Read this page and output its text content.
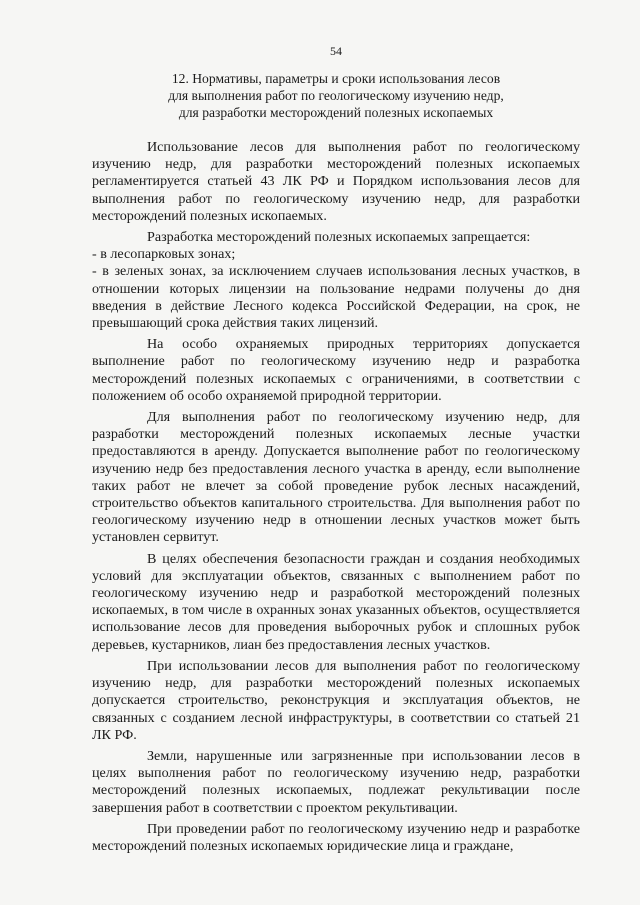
54
12. Нормативы, параметры и сроки использования лесов
для выполнения работ по геологическому изучению недр,
для разработки месторождений полезных ископаемых

Использование лесов для выполнения работ по геологическому изучению недр, для разработки месторождений полезных ископаемых регламентируется статьей 43 ЛК РФ и Порядком использования лесов для выполнения работ по геологическому изучению недр, для разработки месторождений полезных ископаемых.

Разработка месторождений полезных ископаемых запрещается:

- в лесопарковых зонах;

- в зеленых зонах, за исключением случаев использования лесных участков, в отношении которых лицензии на пользование недрами получены до дня введения в действие Лесного кодекса Российской Федерации, на срок, не превышающий срока действия таких лицензий.

На особо охраняемых природных территориях допускается выполнение работ по геологическому изучению недр и разработка месторождений полезных ископаемых с ограничениями, в соответствии с положением об особо охраняемой природной территории.

Для выполнения работ по геологическому изучению недр, для разработки месторождений полезных ископаемых лесные участки предоставляются в аренду. Допускается выполнение работ по геологическому изучению недр без предоставления лесного участка в аренду, если выполнение таких работ не влечет за собой проведение рубок лесных насаждений, строительство объектов капитального строительства. Для выполнения работ по геологическому изучению недр в отношении лесных участков может быть установлен сервитут.

В целях обеспечения безопасности граждан и создания необходимых условий для эксплуатации объектов, связанных с выполнением работ по геологическому изучению недр и разработкой месторождений полезных ископаемых, в том числе в охранных зонах указанных объектов, осуществляется использование лесов для проведения выборочных рубок и сплошных рубок деревьев, кустарников, лиан без предоставления лесных участков.

При использовании лесов для выполнения работ по геологическому изучению недр, для разработки месторождений полезных ископаемых допускается строительство, реконструкция и эксплуатация объектов, не связанных с созданием лесной инфраструктуры, в соответствии со статьей 21 ЛК РФ.

Земли, нарушенные или загрязненные при использовании лесов в целях выполнения работ по геологическому изучению недр, разработки месторождений полезных ископаемых, подлежат рекультивации после завершения работ в соответствии с проектом рекультивации.

При проведении работ по геологическому изучению недр и разработке месторождений полезных ископаемых юридические лица и граждане,
